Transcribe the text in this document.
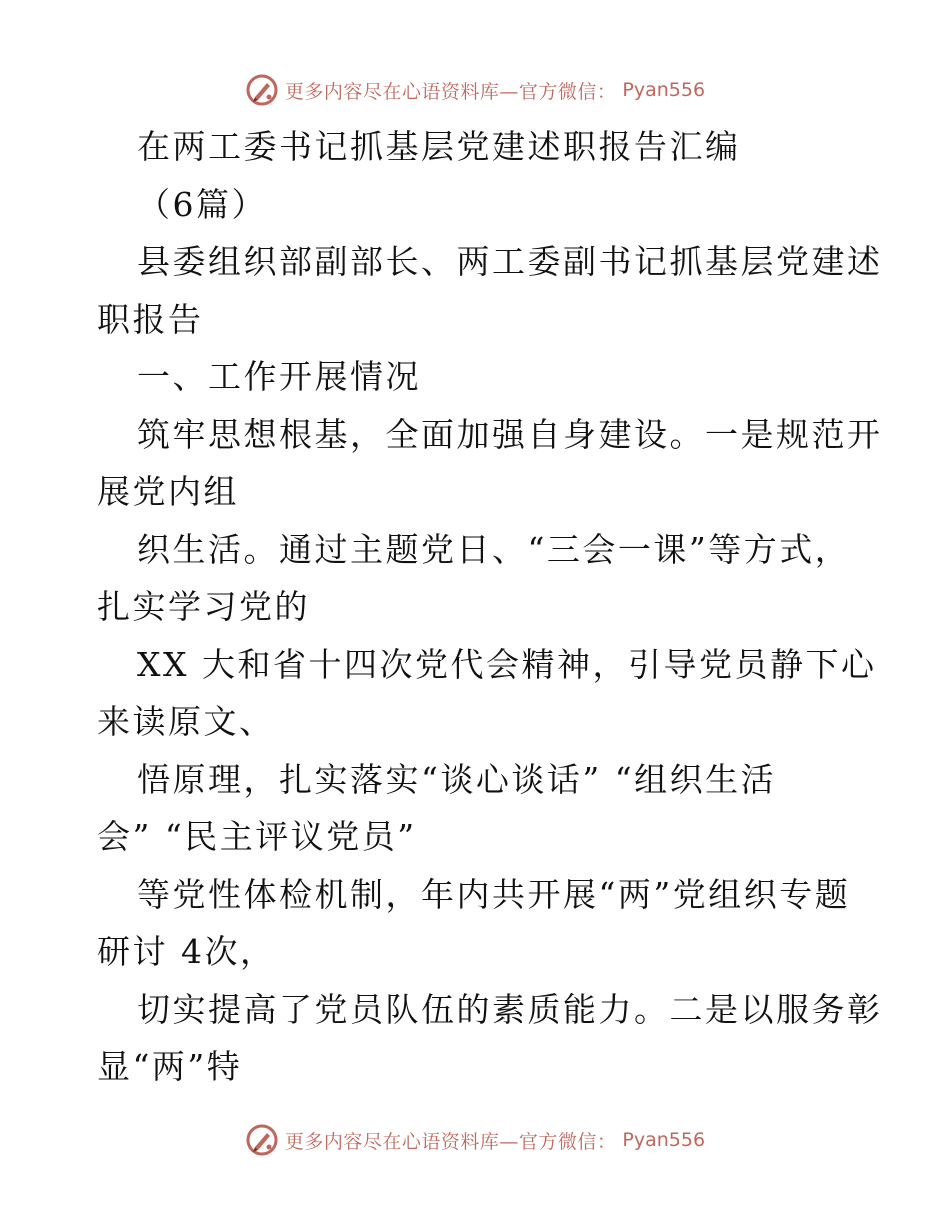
更多内容尽在心语资料库—官方微信： Pyan556
在两工委书记抓基层党建述职报告汇编
（6篇）
县委组织部副部长、两工委副书记抓基层党建述
职报告
一、工作开展情况
筑牢思想根基，全面加强自身建设。一是规范开
展党内组
织生活。通过主题党日、“三会一课”等方式，
扎实学习党的
XX 大和省十四次党代会精神，引导党员静下心
来读原文、
悟原理，扎实落实“谈心谈话” “组织生活
会” “民主评议党员”
等党性体检机制，年内共开展“两”党组织专题
研讨 4次，
切实提高了党员队伍的素质能力。二是以服务彰
显“两”特
更多内容尽在心语资料库—官方微信： Pyan556
